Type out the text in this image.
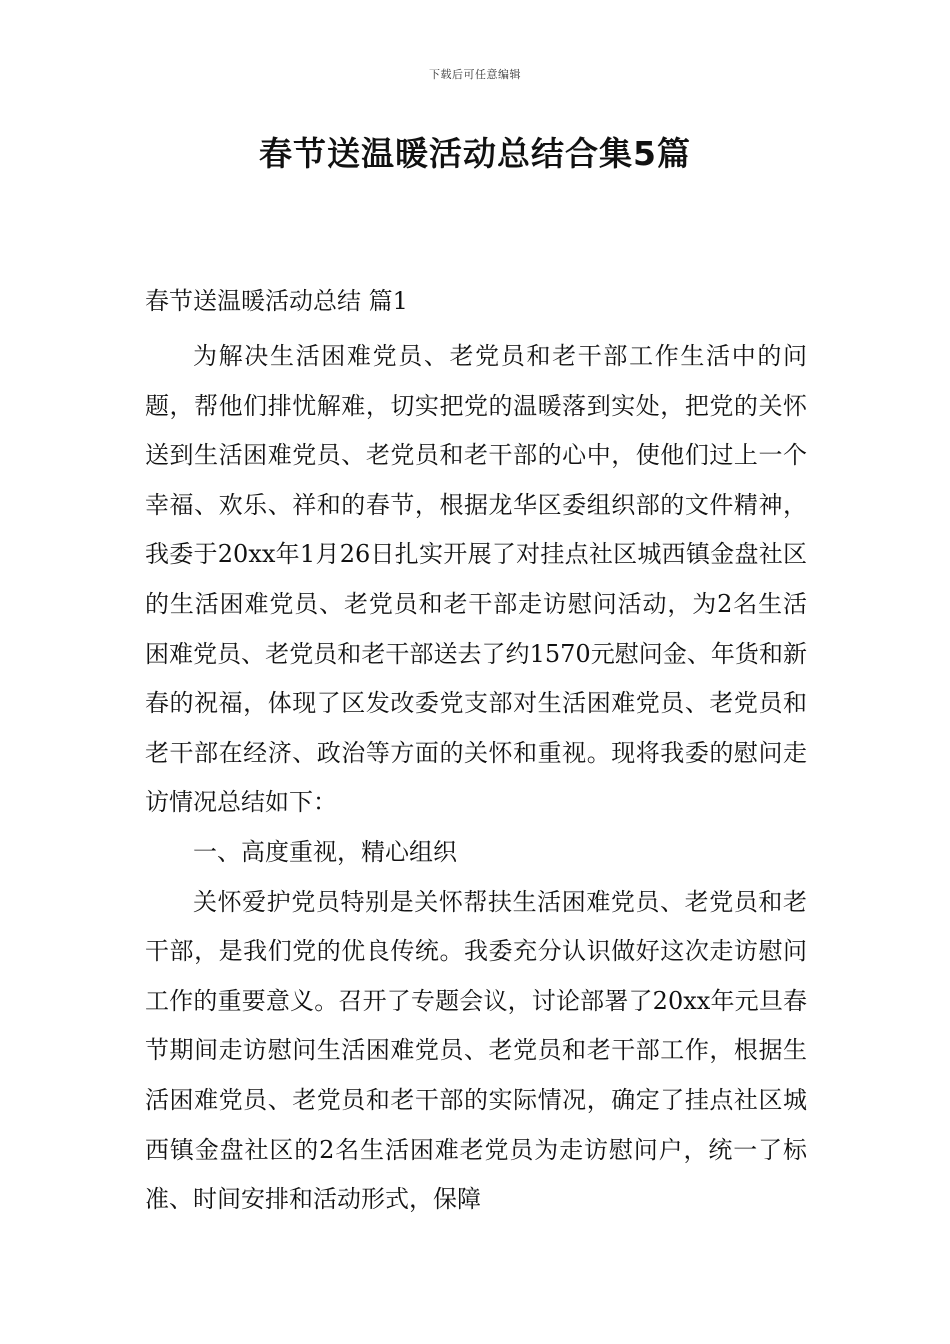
下载后可任意编辑
春节送温暖活动总结合集5篇
春节送温暖活动总结 篇1

为解决生活困难党员、老党员和老干部工作生活中的问题，帮他们排忧解难，切实把党的温暖落到实处，把党的关怀送到生活困难党员、老党员和老干部的心中，使他们过上一个幸福、欢乐、祥和的春节，根据龙华区委组织部的文件精神，我委于20xx年1月26日扎实开展了对挂点社区城西镇金盘社区的生活困难党员、老党员和老干部走访慰问活动，为2名生活困难党员、老党员和老干部送去了约1570元慰问金、年货和新春的祝福，体现了区发改委党支部对生活困难党员、老党员和老干部在经济、政治等方面的关怀和重视。现将我委的慰问走访情况总结如下：

一、高度重视，精心组织

关怀爱护党员特别是关怀帮扶生活困难党员、老党员和老干部，是我们党的优良传统。我委充分认识做好这次走访慰问工作的重要意义。召开了专题会议，讨论部署了20xx年元旦春节期间走访慰问生活困难党员、老党员和老干部工作，根据生活困难党员、老党员和老干部的实际情况，确定了挂点社区城西镇金盘社区的2名生活困难老党员为走访慰问户，统一了标准、时间安排和活动形式，保障
